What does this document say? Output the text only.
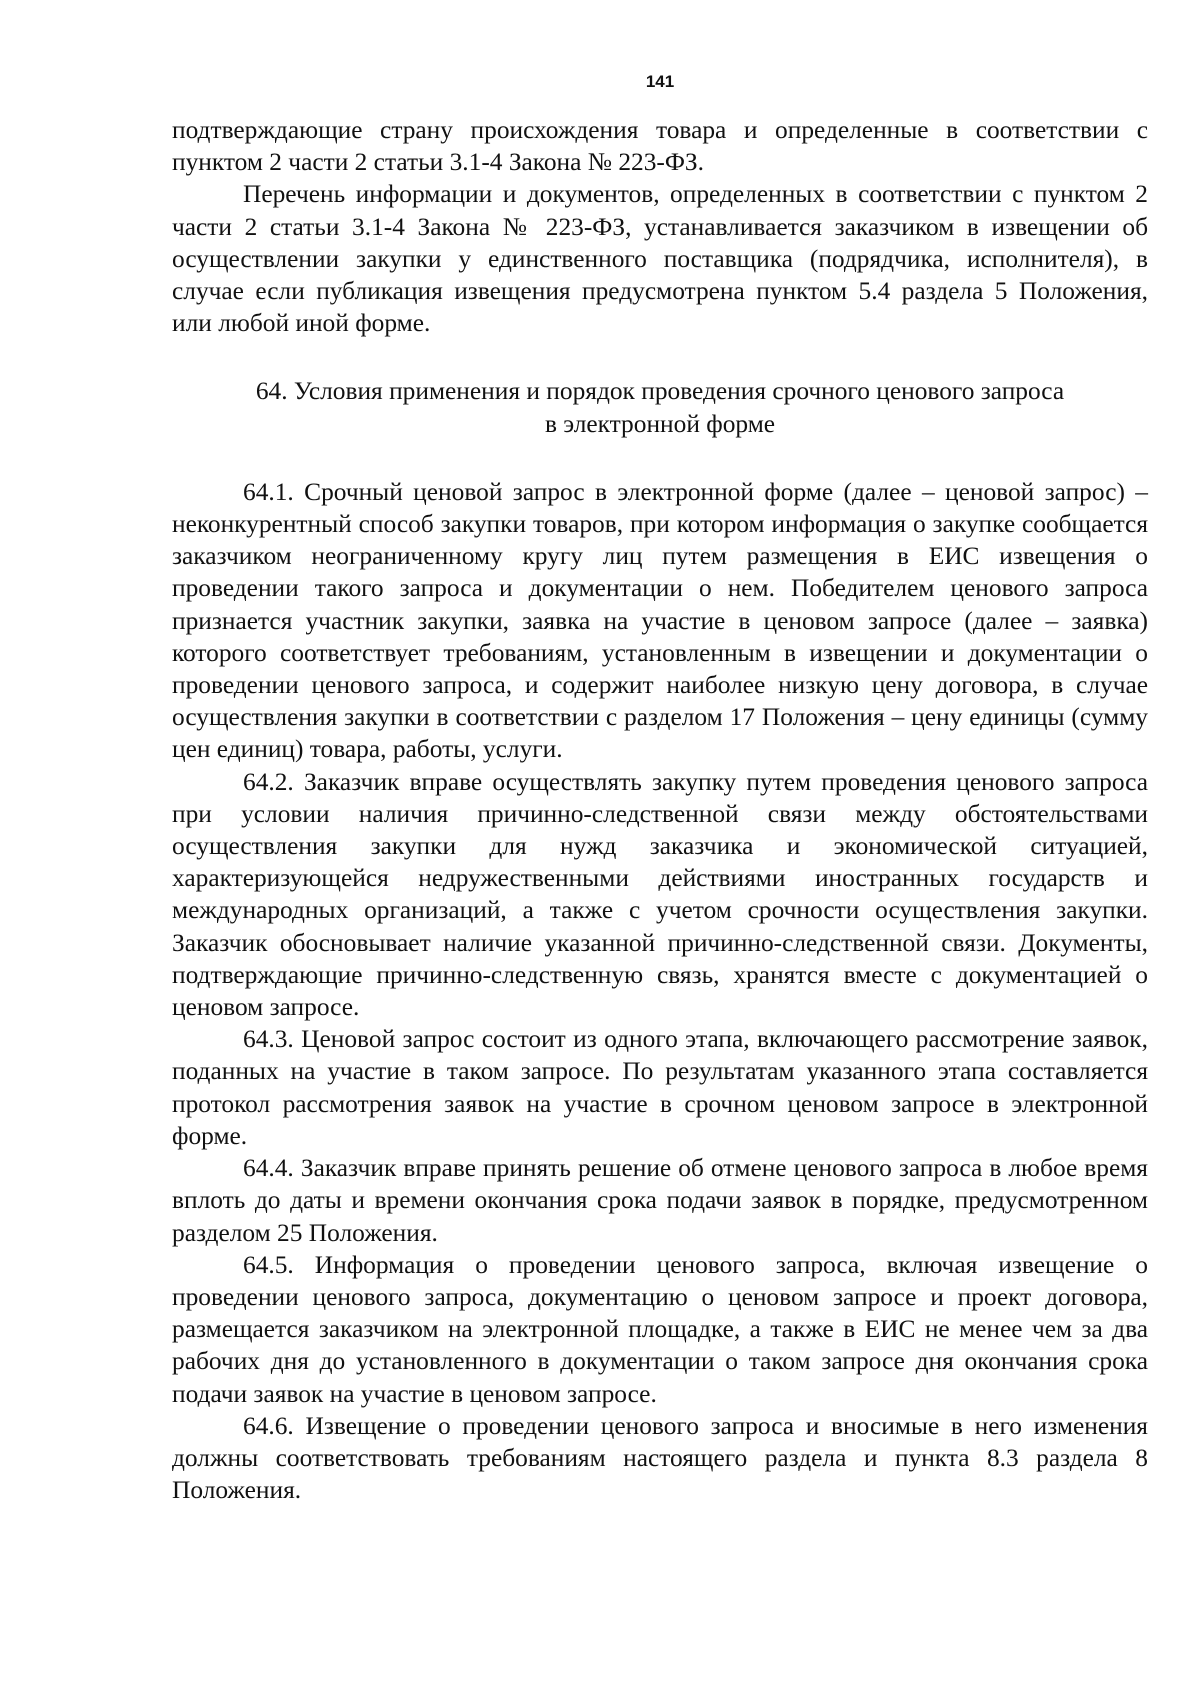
141

подтверждающие страну происхождения товара и определенные в соответствии с пунктом 2 части 2 статьи 3.1-4 Закона № 223-ФЗ.

Перечень информации и документов, определенных в соответствии с пунктом 2 части 2 статьи 3.1-4 Закона № 223-ФЗ, устанавливается заказчиком в извещении об осуществлении закупки у единственного поставщика (подрядчика, исполнителя), в случае если публикация извещения предусмотрена пунктом 5.4 раздела 5 Положения, или любой иной форме.

64. Условия применения и порядок проведения срочного ценового запроса
в электронной форме

64.1. Срочный ценовой запрос в электронной форме (далее – ценовой запрос) – неконкурентный способ закупки товаров, при котором информация о закупке сообщается заказчиком неограниченному кругу лиц путем размещения в ЕИС извещения о проведении такого запроса и документации о нем. Победителем ценового запроса признается участник закупки, заявка на участие в ценовом запросе (далее – заявка) которого соответствует требованиям, установленным в извещении и документации о проведении ценового запроса, и содержит наиболее низкую цену договора, в случае осуществления закупки в соответствии с разделом 17 Положения – цену единицы (сумму цен единиц) товара, работы, услуги.

64.2. Заказчик вправе осуществлять закупку путем проведения ценового запроса при условии наличия причинно-следственной связи между обстоятельствами осуществления закупки для нужд заказчика и экономической ситуацией, характеризующейся недружественными действиями иностранных государств и международных организаций, а также с учетом срочности осуществления закупки. Заказчик обосновывает наличие указанной причинно-следственной связи. Документы, подтверждающие причинно-следственную связь, хранятся вместе с документацией о ценовом запросе.

64.3. Ценовой запрос состоит из одного этапа, включающего рассмотрение заявок, поданных на участие в таком запросе. По результатам указанного этапа составляется протокол рассмотрения заявок на участие в срочном ценовом запросе в электронной форме.

64.4. Заказчик вправе принять решение об отмене ценового запроса в любое время вплоть до даты и времени окончания срока подачи заявок в порядке, предусмотренном разделом 25 Положения.

64.5. Информация о проведении ценового запроса, включая извещение о проведении ценового запроса, документацию о ценовом запросе и проект договора, размещается заказчиком на электронной площадке, а также в ЕИС не менее чем за два рабочих дня до установленного в документации о таком запросе дня окончания срока подачи заявок на участие в ценовом запросе.

64.6. Извещение о проведении ценового запроса и вносимые в него изменения должны соответствовать требованиям настоящего раздела и пункта 8.3 раздела 8 Положения.
